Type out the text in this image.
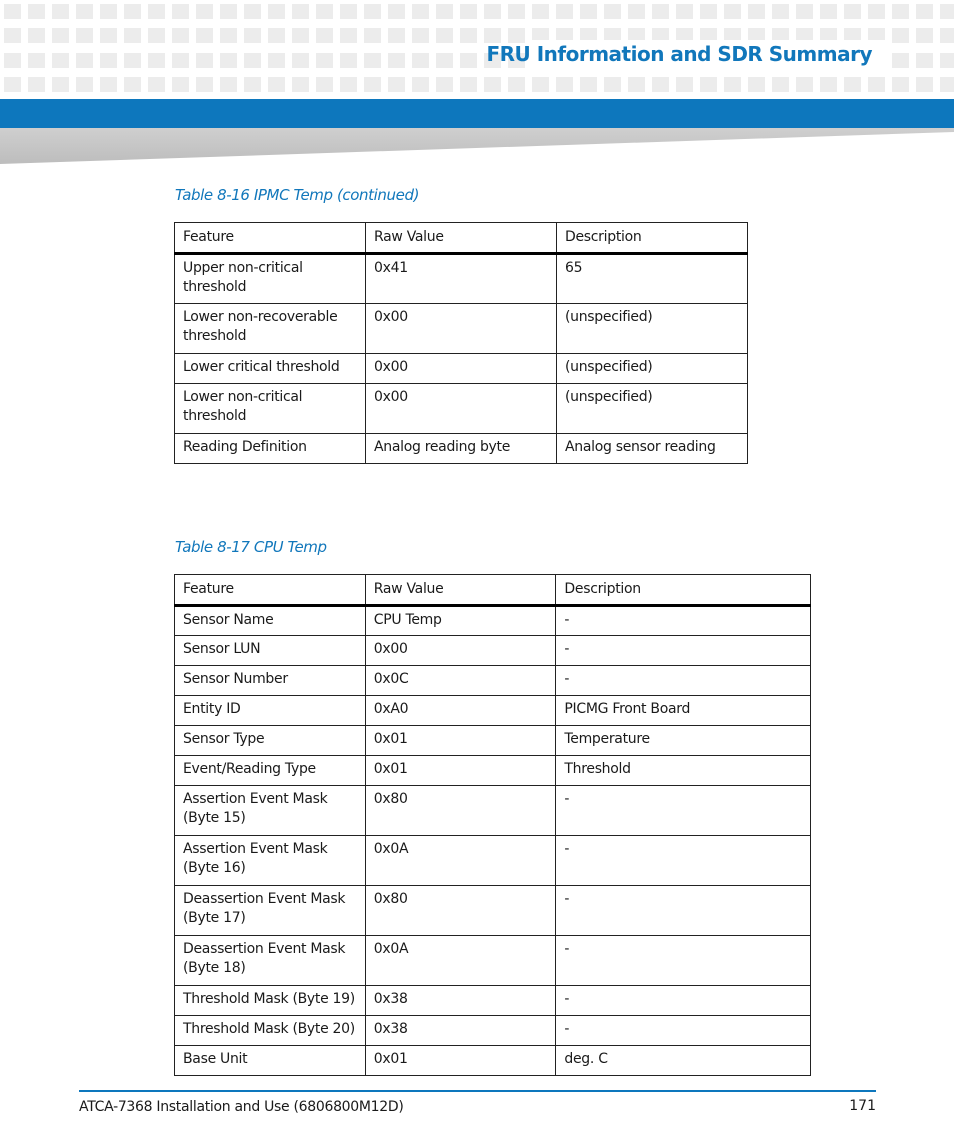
FRU Information and SDR Summary
Table 8-16 IPMC Temp (continued)
Feature	Raw Value	Description
Upper non-critical threshold	0x41	65
Lower non-recoverable threshold	0x00	(unspecified)
Lower critical threshold	0x00	(unspecified)
Lower non-critical threshold	0x00	(unspecified)
Reading Definition	Analog reading byte	Analog sensor reading
Table 8-17 CPU Temp
Feature	Raw Value	Description
Sensor Name	CPU Temp	-
Sensor LUN	0x00	-
Sensor Number	0x0C	-
Entity ID	0xA0	PICMG Front Board
Sensor Type	0x01	Temperature
Event/Reading Type	0x01	Threshold
Assertion Event Mask (Byte 15)	0x80	-
Assertion Event Mask (Byte 16)	0x0A	-
Deassertion Event Mask (Byte 17)	0x80	-
Deassertion Event Mask (Byte 18)	0x0A	-
Threshold Mask (Byte 19)	0x38	-
Threshold Mask (Byte 20)	0x38	-
Base Unit	0x01	deg. C
ATCA-7368 Installation and Use (6806800M12D)	171
